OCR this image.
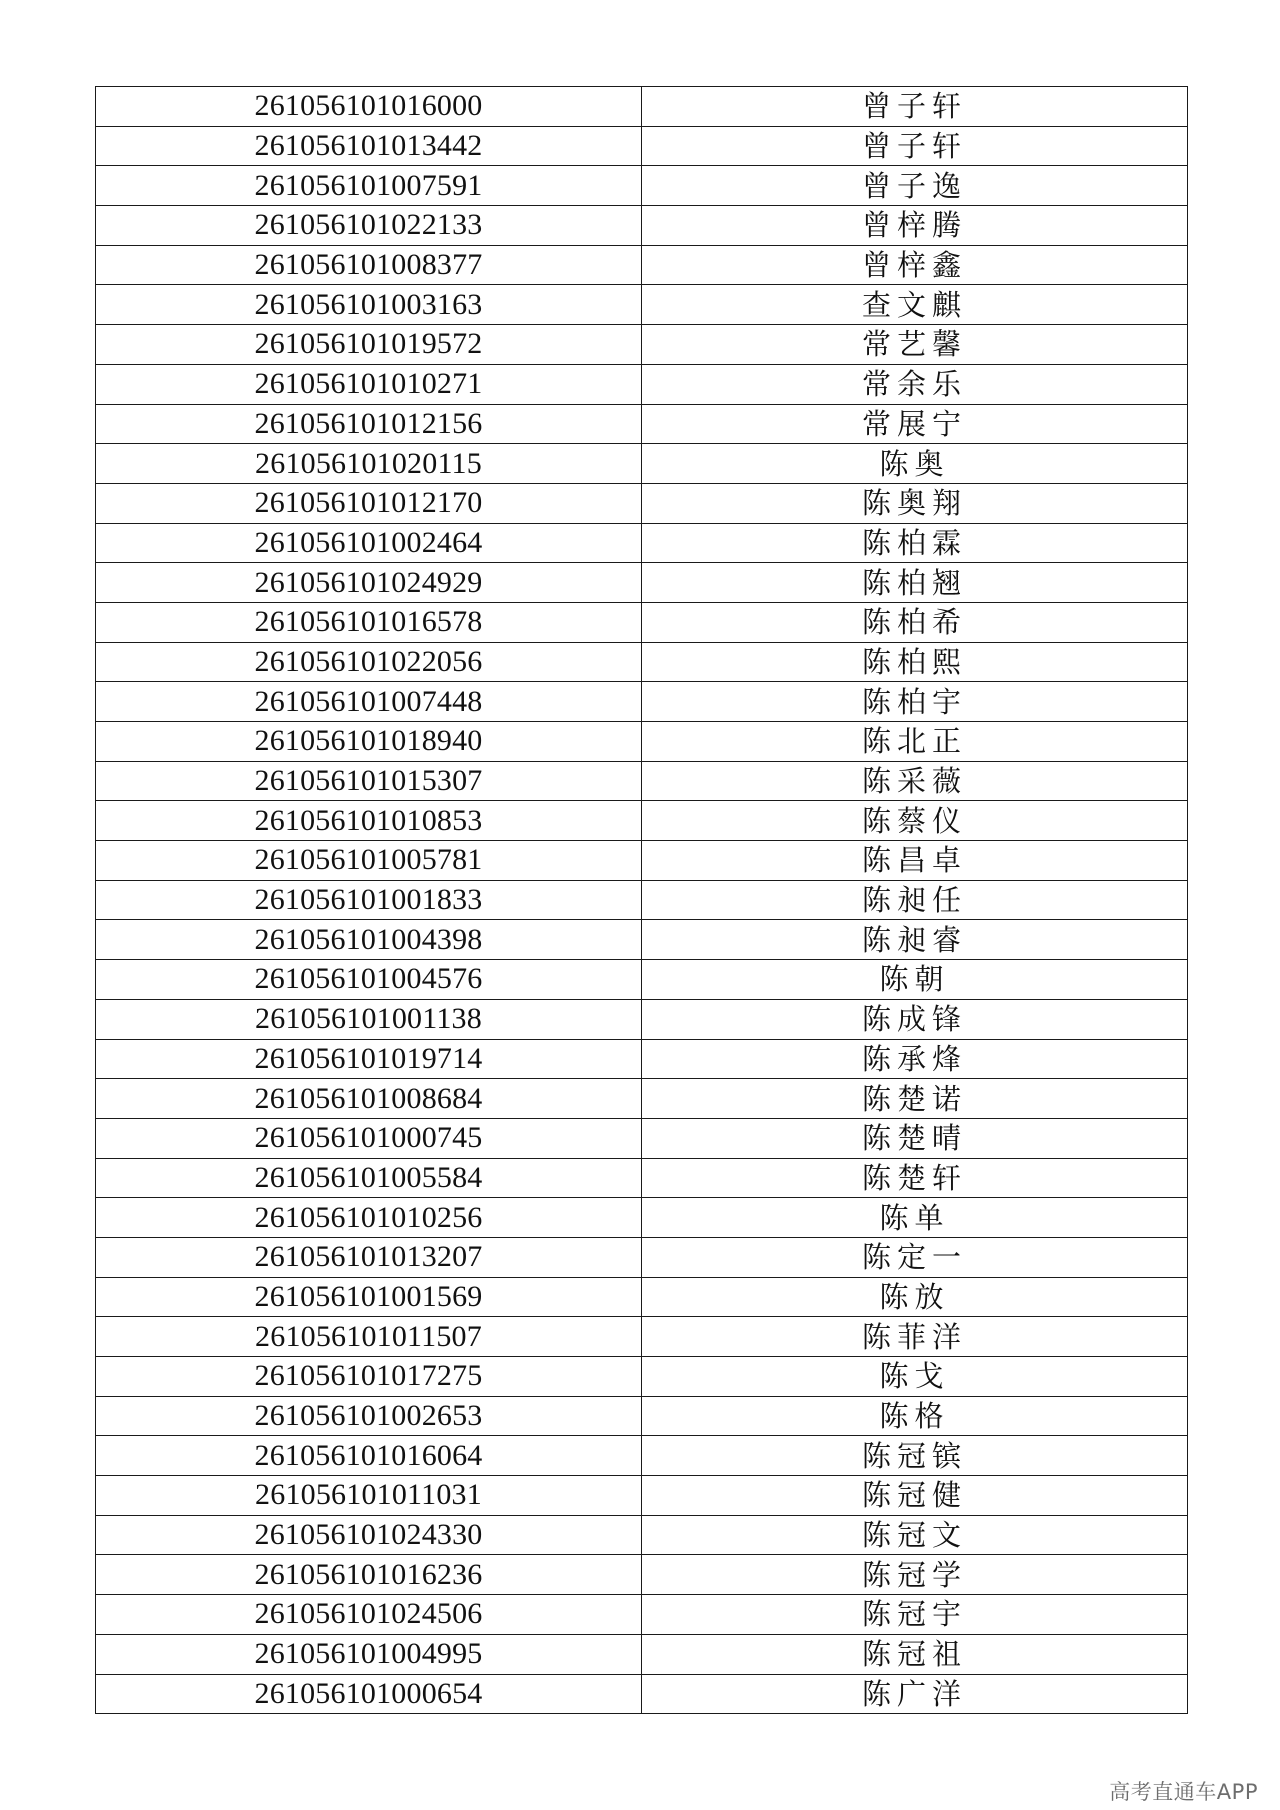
261056101016000	曾子轩
261056101013442	曾子轩
261056101007591	曾子逸
261056101022133	曾梓腾
261056101008377	曾梓鑫
261056101003163	查文麒
261056101019572	常艺馨
261056101010271	常余乐
261056101012156	常展宁
261056101020115	陈奥
261056101012170	陈奥翔
261056101002464	陈柏霖
261056101024929	陈柏翘
261056101016578	陈柏希
261056101022056	陈柏熙
261056101007448	陈柏宇
261056101018940	陈北正
261056101015307	陈采薇
261056101010853	陈蔡仪
261056101005781	陈昌卓
261056101001833	陈昶任
261056101004398	陈昶睿
261056101004576	陈朝
261056101001138	陈成锋
261056101019714	陈承烽
261056101008684	陈楚诺
261056101000745	陈楚晴
261056101005584	陈楚轩
261056101010256	陈单
261056101013207	陈定一
261056101001569	陈放
261056101011507	陈菲洋
261056101017275	陈戈
261056101002653	陈格
261056101016064	陈冠镔
261056101011031	陈冠健
261056101024330	陈冠文
261056101016236	陈冠学
261056101024506	陈冠宇
261056101004995	陈冠祖
261056101000654	陈广洋
高考直通车APP
